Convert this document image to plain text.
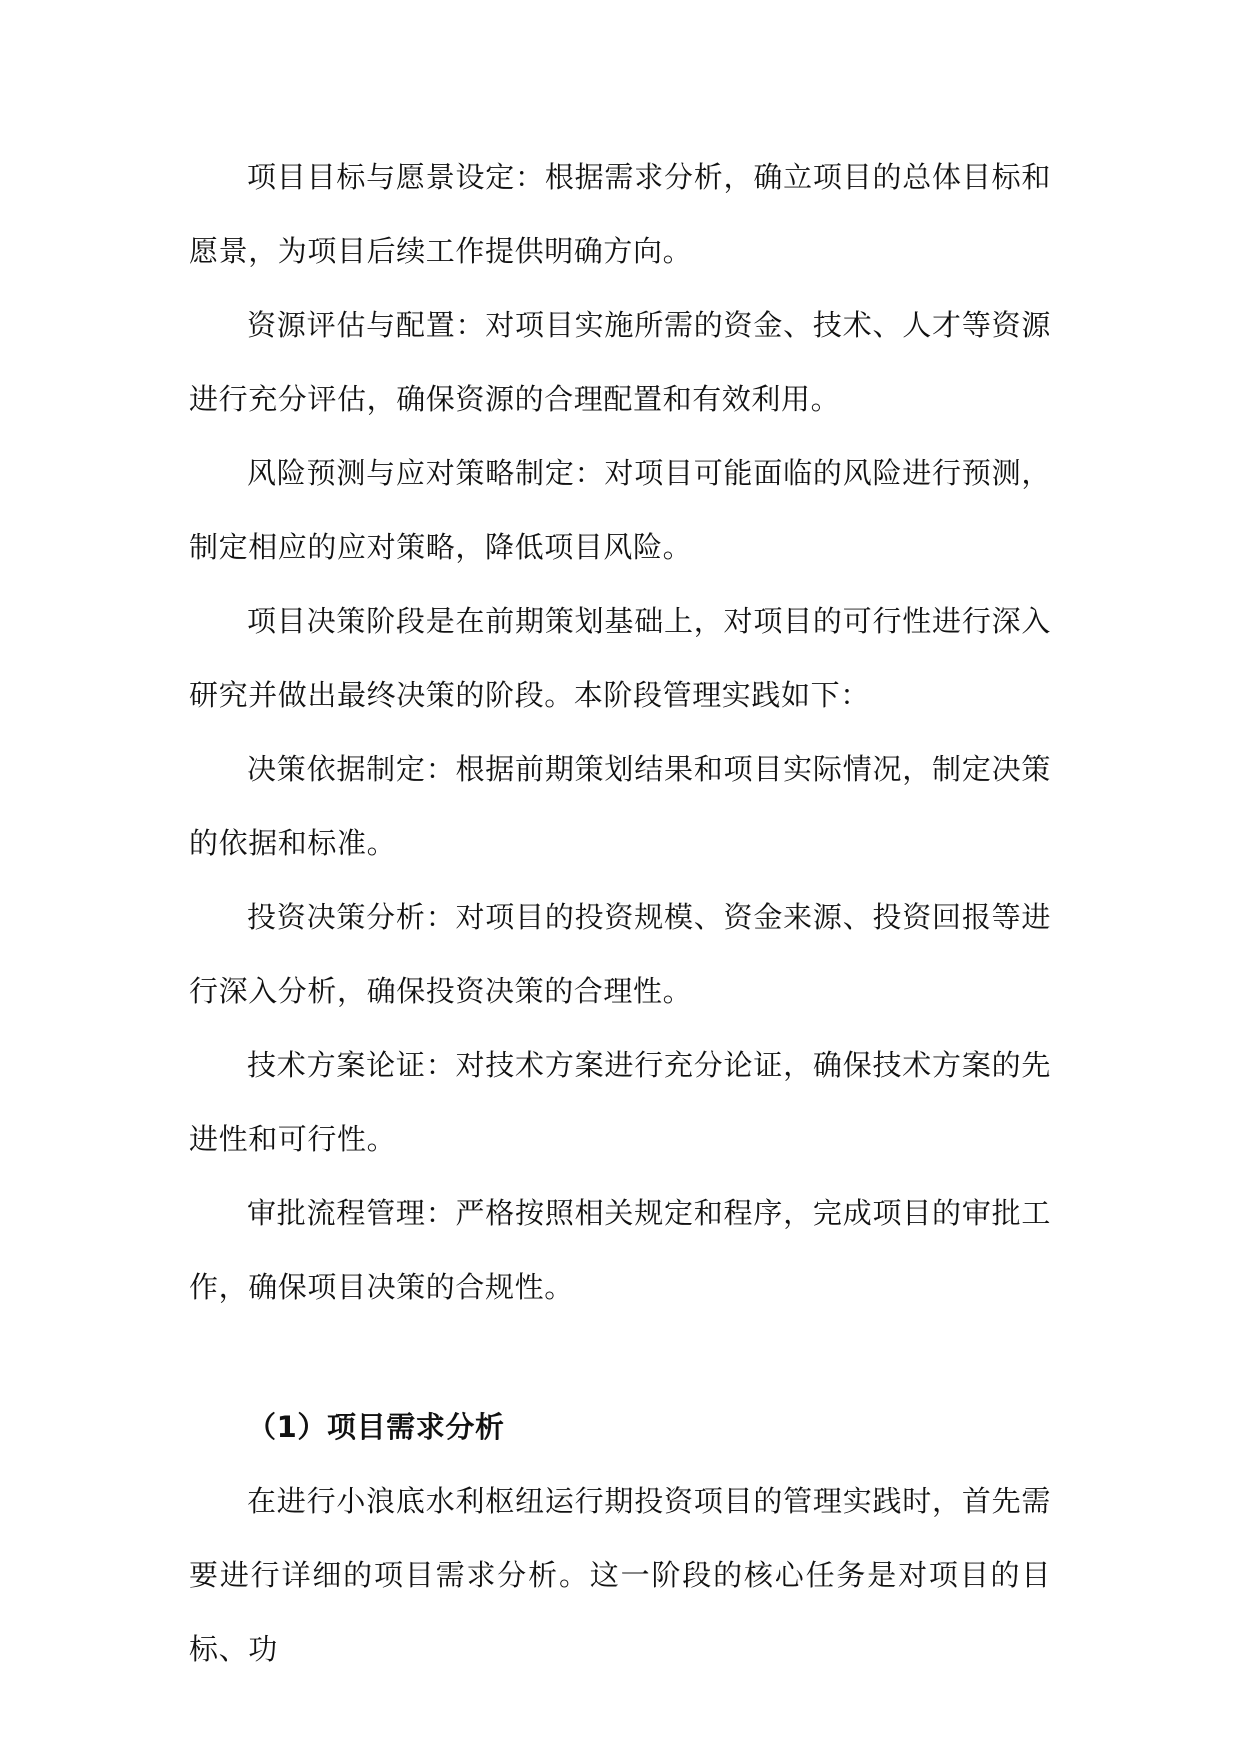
项目目标与愿景设定：根据需求分析，确立项目的总体目标和愿景，为项目后续工作提供明确方向。

资源评估与配置：对项目实施所需的资金、技术、人才等资源进行充分评估，确保资源的合理配置和有效利用。

风险预测与应对策略制定：对项目可能面临的风险进行预测，制定相应的应对策略，降低项目风险。

项目决策阶段是在前期策划基础上，对项目的可行性进行深入研究并做出最终决策的阶段。本阶段管理实践如下：

决策依据制定：根据前期策划结果和项目实际情况，制定决策的依据和标准。

投资决策分析：对项目的投资规模、资金来源、投资回报等进行深入分析，确保投资决策的合理性。

技术方案论证：对技术方案进行充分论证，确保技术方案的先进性和可行性。

审批流程管理：严格按照相关规定和程序，完成项目的审批工作，确保项目决策的合规性。

（1）项目需求分析

在进行小浪底水利枢纽运行期投资项目的管理实践时，首先需要进行详细的项目需求分析。这一阶段的核心任务是对项目的目标、功
